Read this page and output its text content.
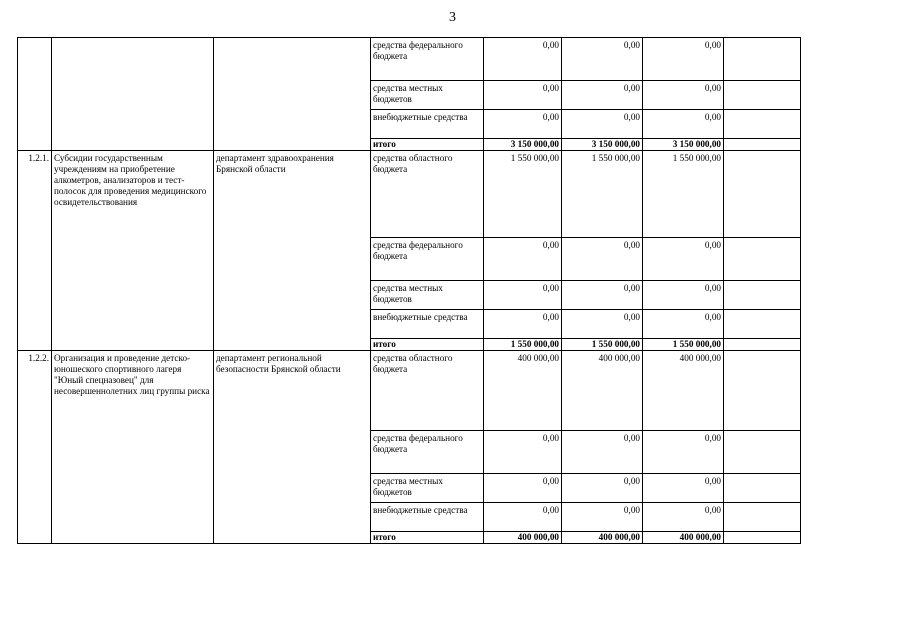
3
			средства федерального бюджета	0,00	0,00	0,00	
			средства местных бюджетов	0,00	0,00	0,00	
			внебюджетные средства	0,00	0,00	0,00	
			итого	3 150 000,00	3 150 000,00	3 150 000,00	
1.2.1.	Субсидии государственным учреждениям на приобретение алкометров, анализаторов и тест-полосок для проведения медицинского освидетельствования	департамент здравоохранения Брянской области	средства областного бюджета	1 550 000,00	1 550 000,00	1 550 000,00	
			средства федерального бюджета	0,00	0,00	0,00	
			средства местных бюджетов	0,00	0,00	0,00	
			внебюджетные средства	0,00	0,00	0,00	
			итого	1 550 000,00	1 550 000,00	1 550 000,00	
1.2.2.	Организация и проведение детско-юношеского спортивного лагеря "Юный спецназовец" для несовершеннолетних лиц группы риска	департамент региональной безопасности Брянской области	средства областного бюджета	400 000,00	400 000,00	400 000,00	
			средства федерального бюджета	0,00	0,00	0,00	
			средства местных бюджетов	0,00	0,00	0,00	
			внебюджетные средства	0,00	0,00	0,00	
			итого	400 000,00	400 000,00	400 000,00	
